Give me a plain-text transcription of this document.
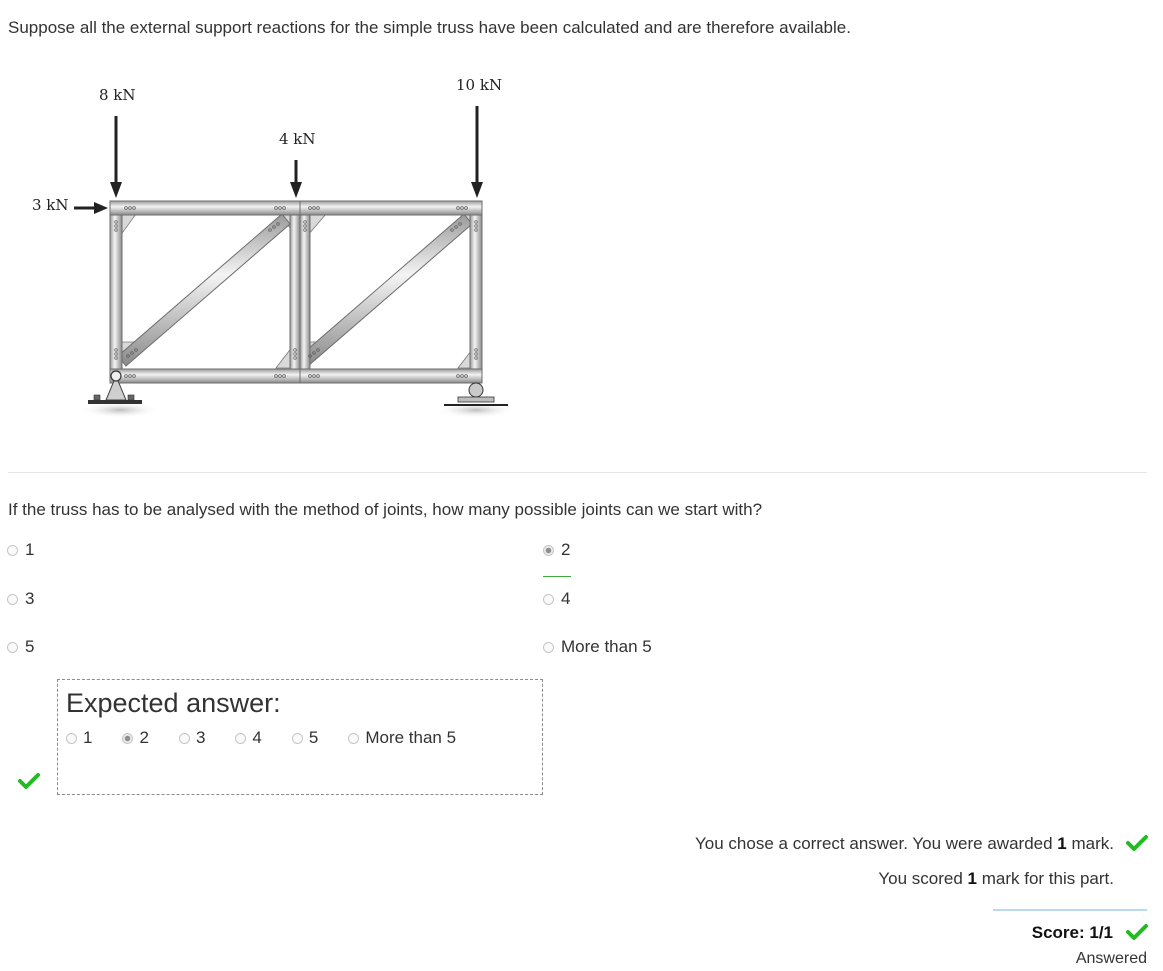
Suppose all the external support reactions for the simple truss have been calculated and are therefore available.
8 kN
4 kN
10 kN
3 kN
If the truss has to be analysed with the method of joints, how many possible joints can we start with?
1	2
3	4
5	More than 5
Expected answer:
1	2	3	4	5	More than 5
You chose a correct answer. You were awarded 1 mark.
You scored 1 mark for this part.
Score: 1/1
Answered
